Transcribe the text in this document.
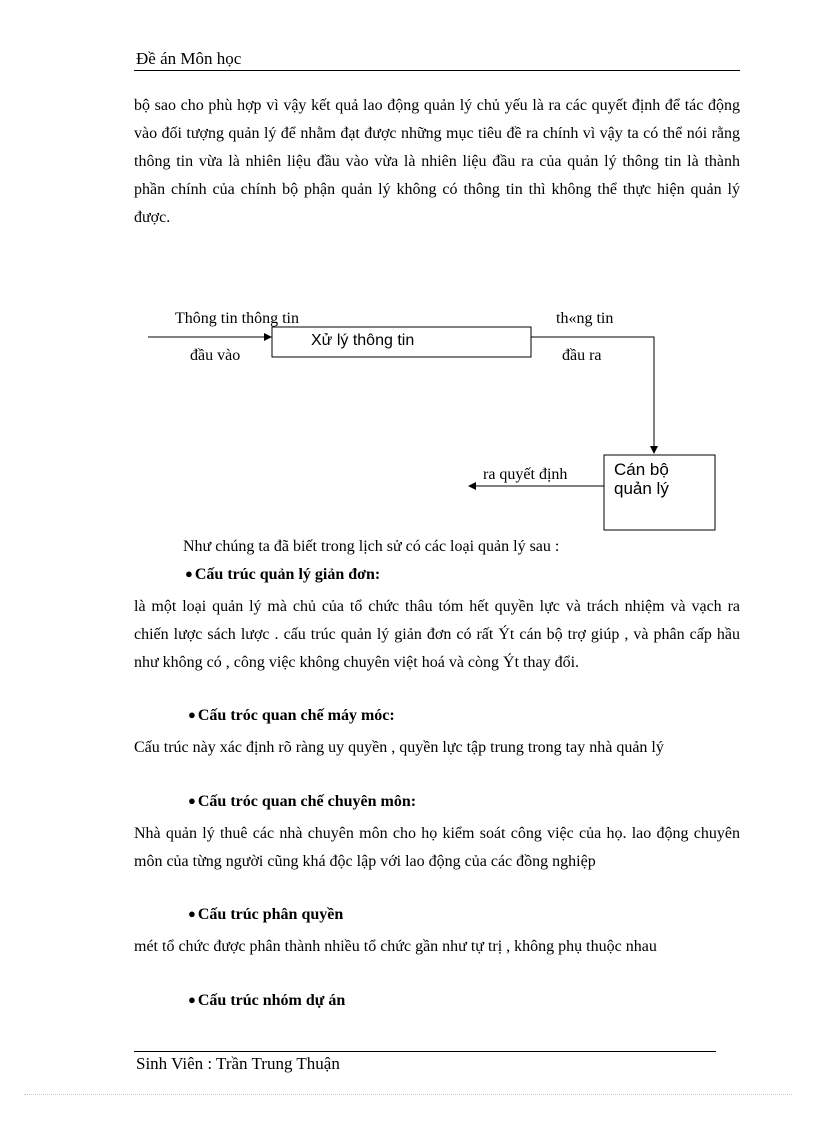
Đề án Môn học
bộ sao cho phù hợp vì vậy kết quả lao động quản lý chủ yếu là ra các quyết định để tác động vào đối tượng quản lý để nhằm đạt được những mục tiêu đề ra chính vì vậy ta có thể nói rằng thông tin vừa là nhiên liệu đầu vào vừa là nhiên liệu đầu ra của quản lý thông tin là thành phần chính của chính bộ phận quản lý không có thông tin thì không thể thực hiện quản lý được.
Thông tin thông tin
đầu vào
Xử lý thông tin
th«ng tin
đầu ra
Cán bộ
quản lý
ra quyết định
Như chúng ta đã biết trong lịch sử có các loại quản lý sau :
● Cấu trúc quản lý giản đơn:
là một loại quản lý mà chủ của tổ chức thâu tóm hết quyền lực và trách nhiệm và vạch ra chiến lược sách lược . cấu trúc quản lý giản đơn có rất Ýt cán bộ trợ giúp , và phân cấp hầu như không có , công việc không chuyên việt hoá và còng Ýt thay đổi.
● Cấu tróc quan chế máy móc:
Cấu trúc này xác định rõ ràng uy quyền , quyền lực tập trung trong tay nhà quản lý
● Cấu tróc quan chế chuyên môn:
Nhà quản lý thuê các nhà chuyên môn cho họ kiểm soát công việc của họ. lao động chuyên môn của từng người cũng khá độc lập với lao động của các đồng nghiệp
● Cấu trúc phân quyền
mét tổ chức được phân thành nhiều tổ chức gần như tự trị , không phụ thuộc nhau
● Cấu trúc nhóm dự án
Sinh Viên : Trần Trung Thuận
